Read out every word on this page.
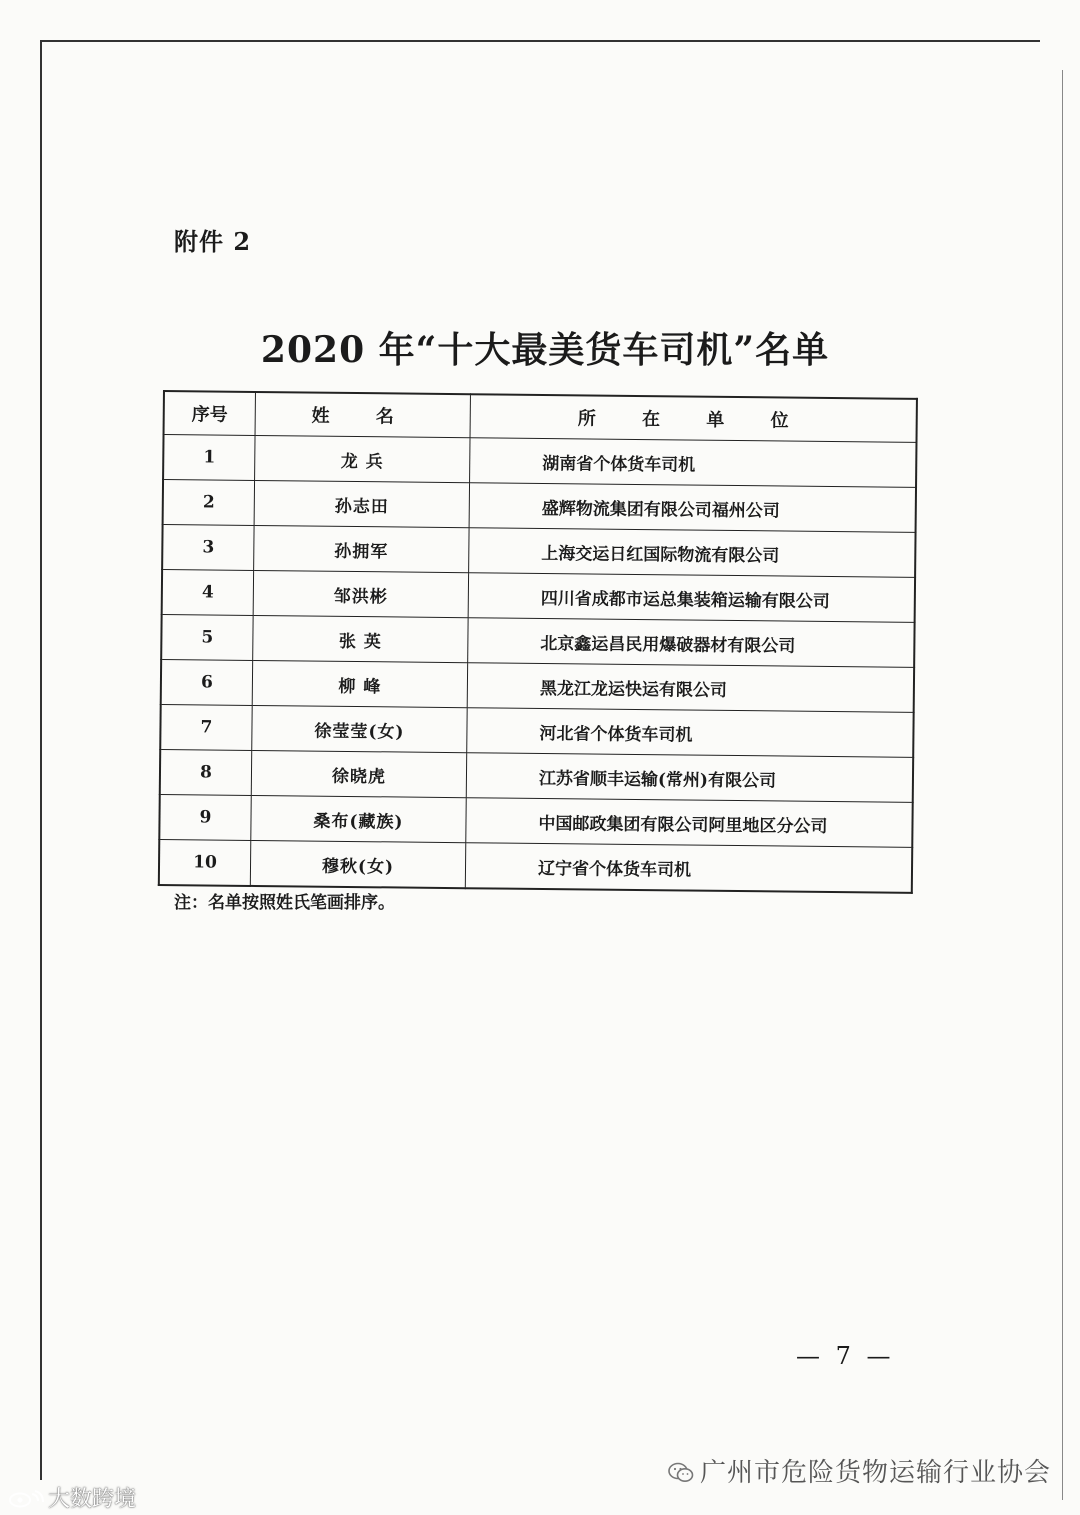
附件 2
2020 年“十大最美货车司机”名单
序号	姓 名	所 在 单 位
1	龙 兵	湖南省个体货车司机
2	孙志田	盛辉物流集团有限公司福州公司
3	孙拥军	上海交运日红国际物流有限公司
4	邹洪彬	四川省成都市运总集装箱运输有限公司
5	张 英	北京鑫运昌民用爆破器材有限公司
6	柳 峰	黑龙江龙运快运有限公司
7	徐莹莹(女)	河北省个体货车司机
8	徐晓虎	江苏省顺丰运输(常州)有限公司
9	桑布(藏族)	中国邮政集团有限公司阿里地区分公司
10	穆秋(女)	辽宁省个体货车司机
注：名单按照姓氏笔画排序。
— 7 —
广州市危险货物运输行业协会
大数跨境
